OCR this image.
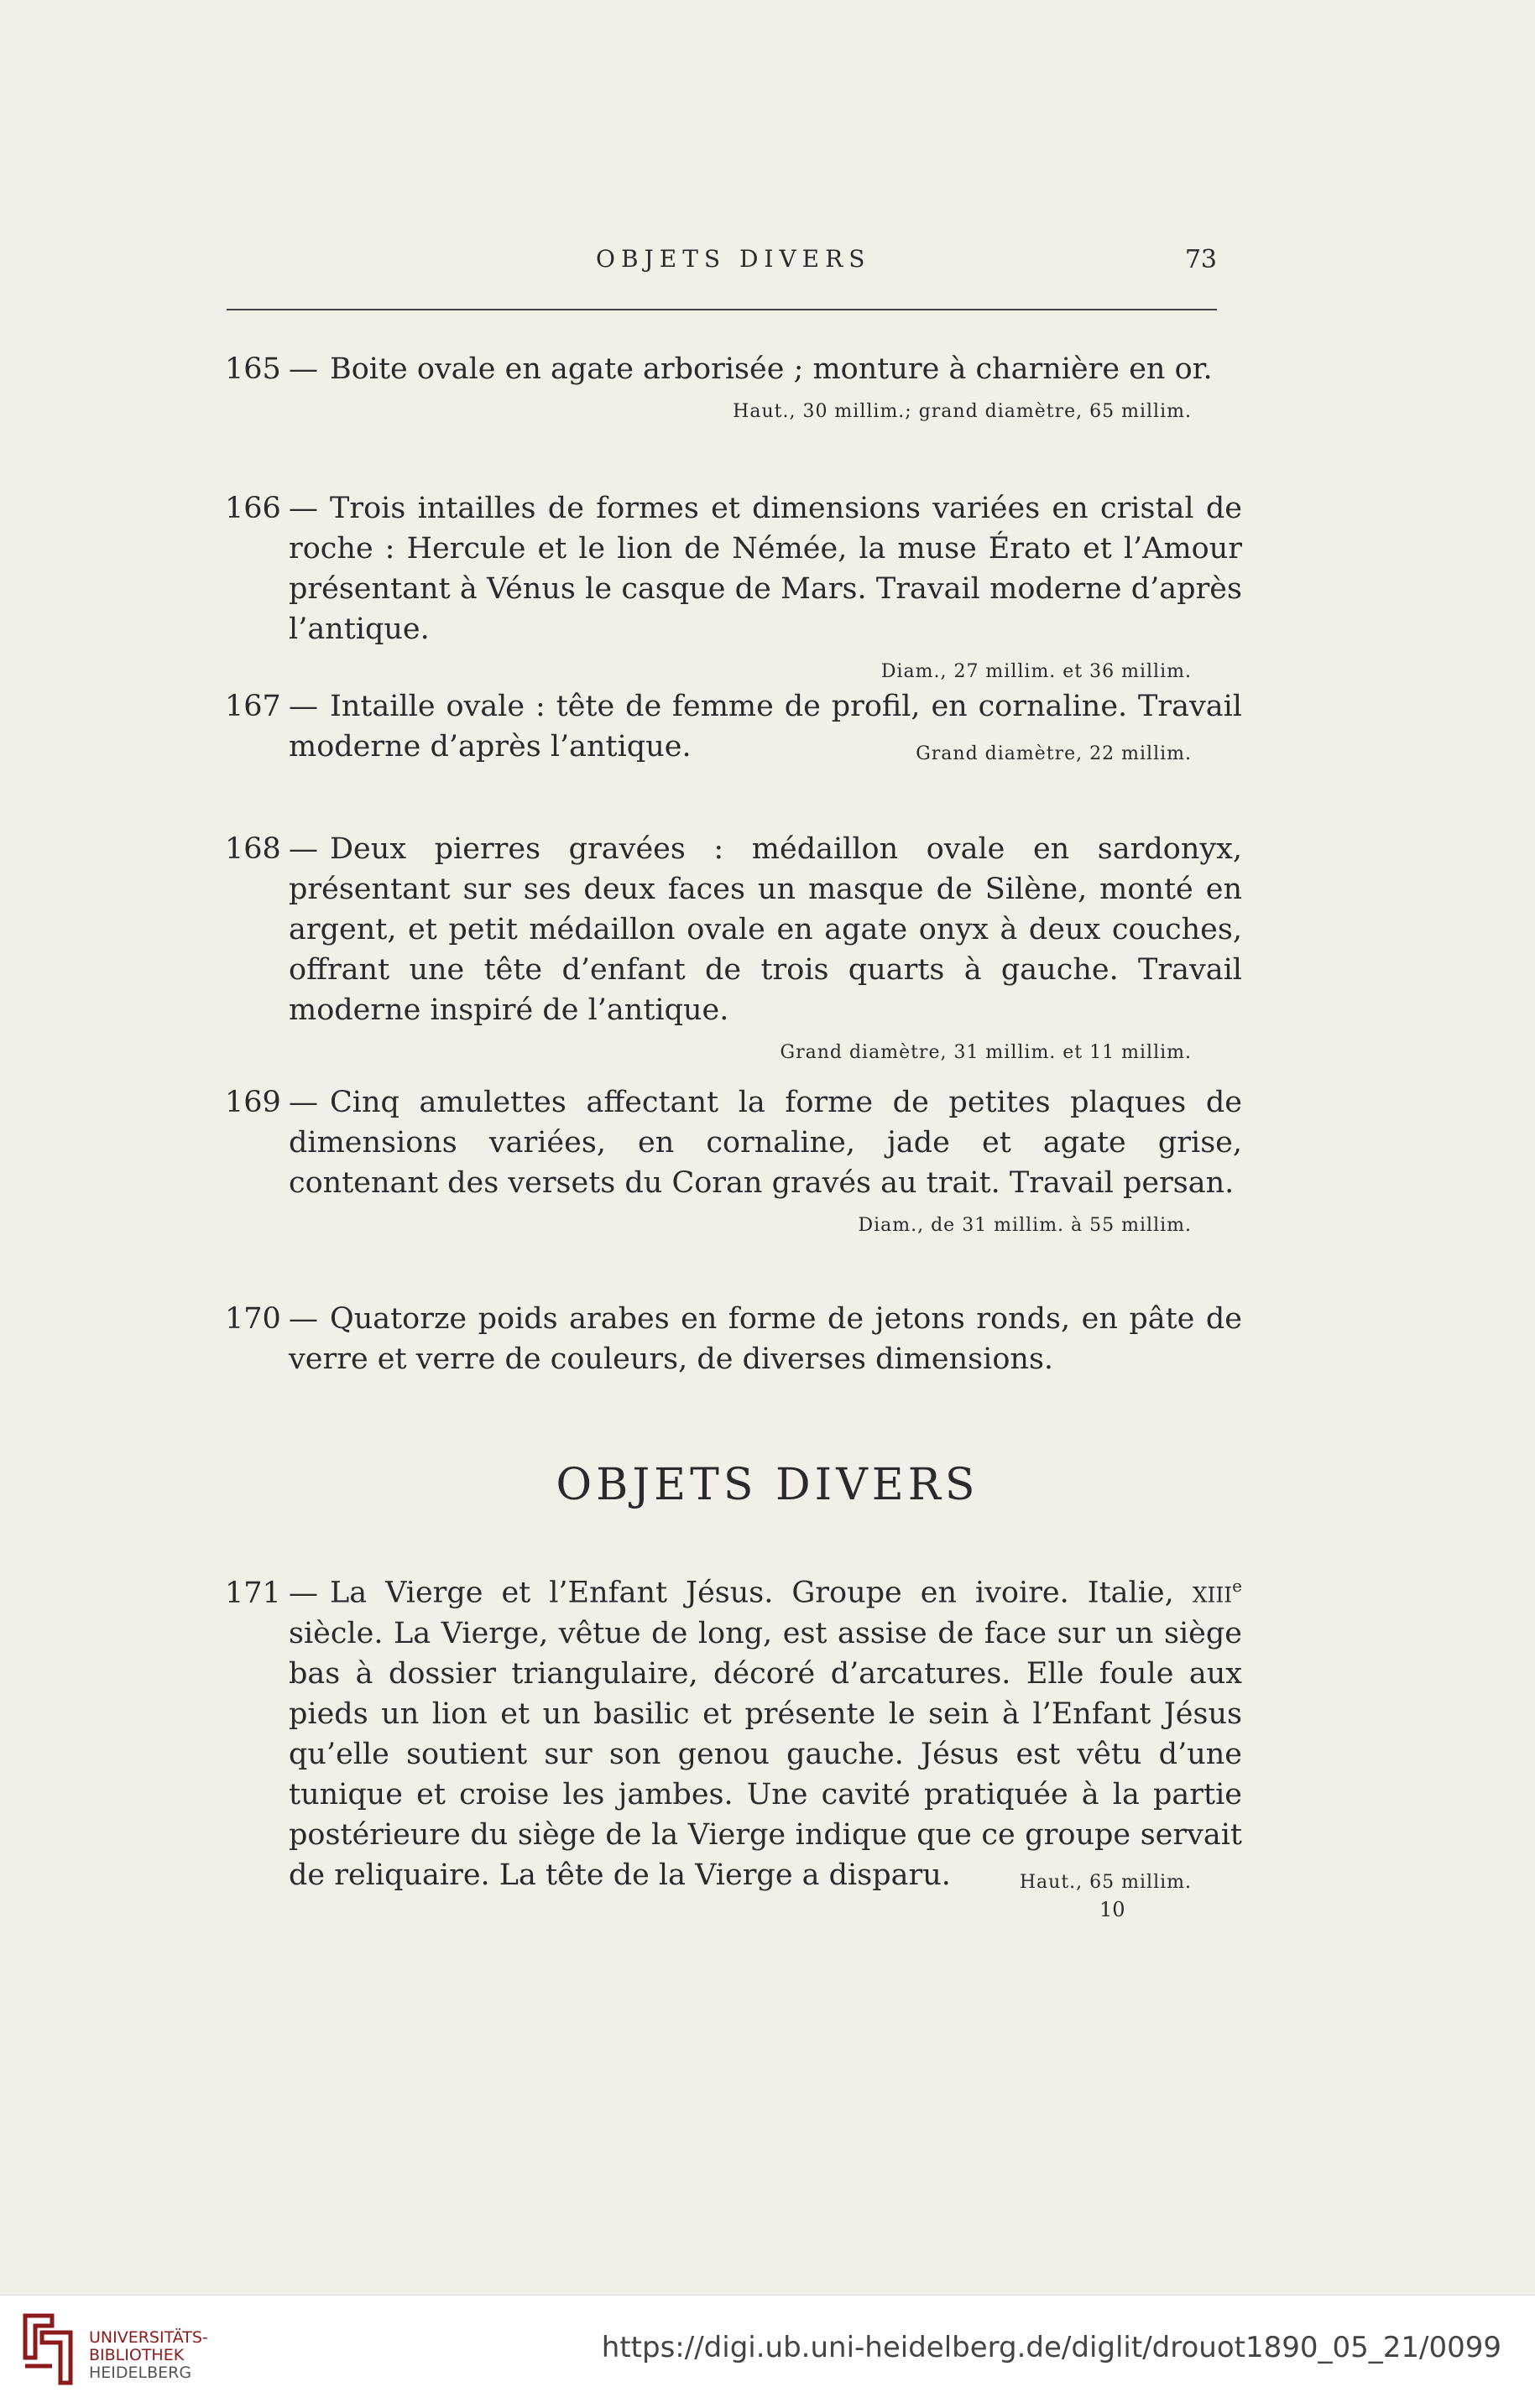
OBJETS DIVERS	73

165 — Boite ovale en agate arborisée ; monture à charnière en or.

Haut., 30 millim.; grand diamètre, 65 millim.

166 — Trois intailles de formes et dimensions variées en cristal de roche : Hercule et le lion de Némée, la muse Érato et l’Amour présentant à Vénus le casque de Mars. Travail moderne d’après l’antique.

Diam., 27 millim. et 36 millim.

167 — Intaille ovale : tête de femme de profil, en cornaline. Travail moderne d’après l’antique.	Grand diamètre, 22 millim.

168 — Deux pierres gravées : médaillon ovale en sardonyx, présentant sur ses deux faces un masque de Silène, monté en argent, et petit médaillon ovale en agate onyx à deux couches, offrant une tête d’enfant de trois quarts à gauche. Travail moderne inspiré de l’antique.

Grand diamètre, 31 millim. et 11 millim.

169 — Cinq amulettes affectant la forme de petites plaques de dimensions variées, en cornaline, jade et agate grise, contenant des versets du Coran gravés au trait. Travail persan.

Diam., de 31 millim. à 55 millim.

170 — Quatorze poids arabes en forme de jetons ronds, en pâte de verre et verre de couleurs, de diverses dimensions.

OBJETS DIVERS

171 — La Vierge et l’Enfant Jésus. Groupe en ivoire. Italie, xiii$^e$ siècle. La Vierge, vêtue de long, est assise de face sur un siège bas à dossier triangulaire, décoré d’arcatures. Elle foule aux pieds un lion et un basilic et présente le sein à l’Enfant Jésus qu’elle soutient sur son genou gauche. Jésus est vêtu d’une tunique et croise les jambes. Une cavité pratiquée à la partie postérieure du siège de la Vierge indique que ce groupe servait de reliquaire. La tête de la Vierge a disparu.	Haut., 65 millim.
10
UNIVERSITÄTS-
BIBLIOTHEK
HEIDELBERG
https://digi.ub.uni-heidelberg.de/diglit/drouot1890_05_21/0099
